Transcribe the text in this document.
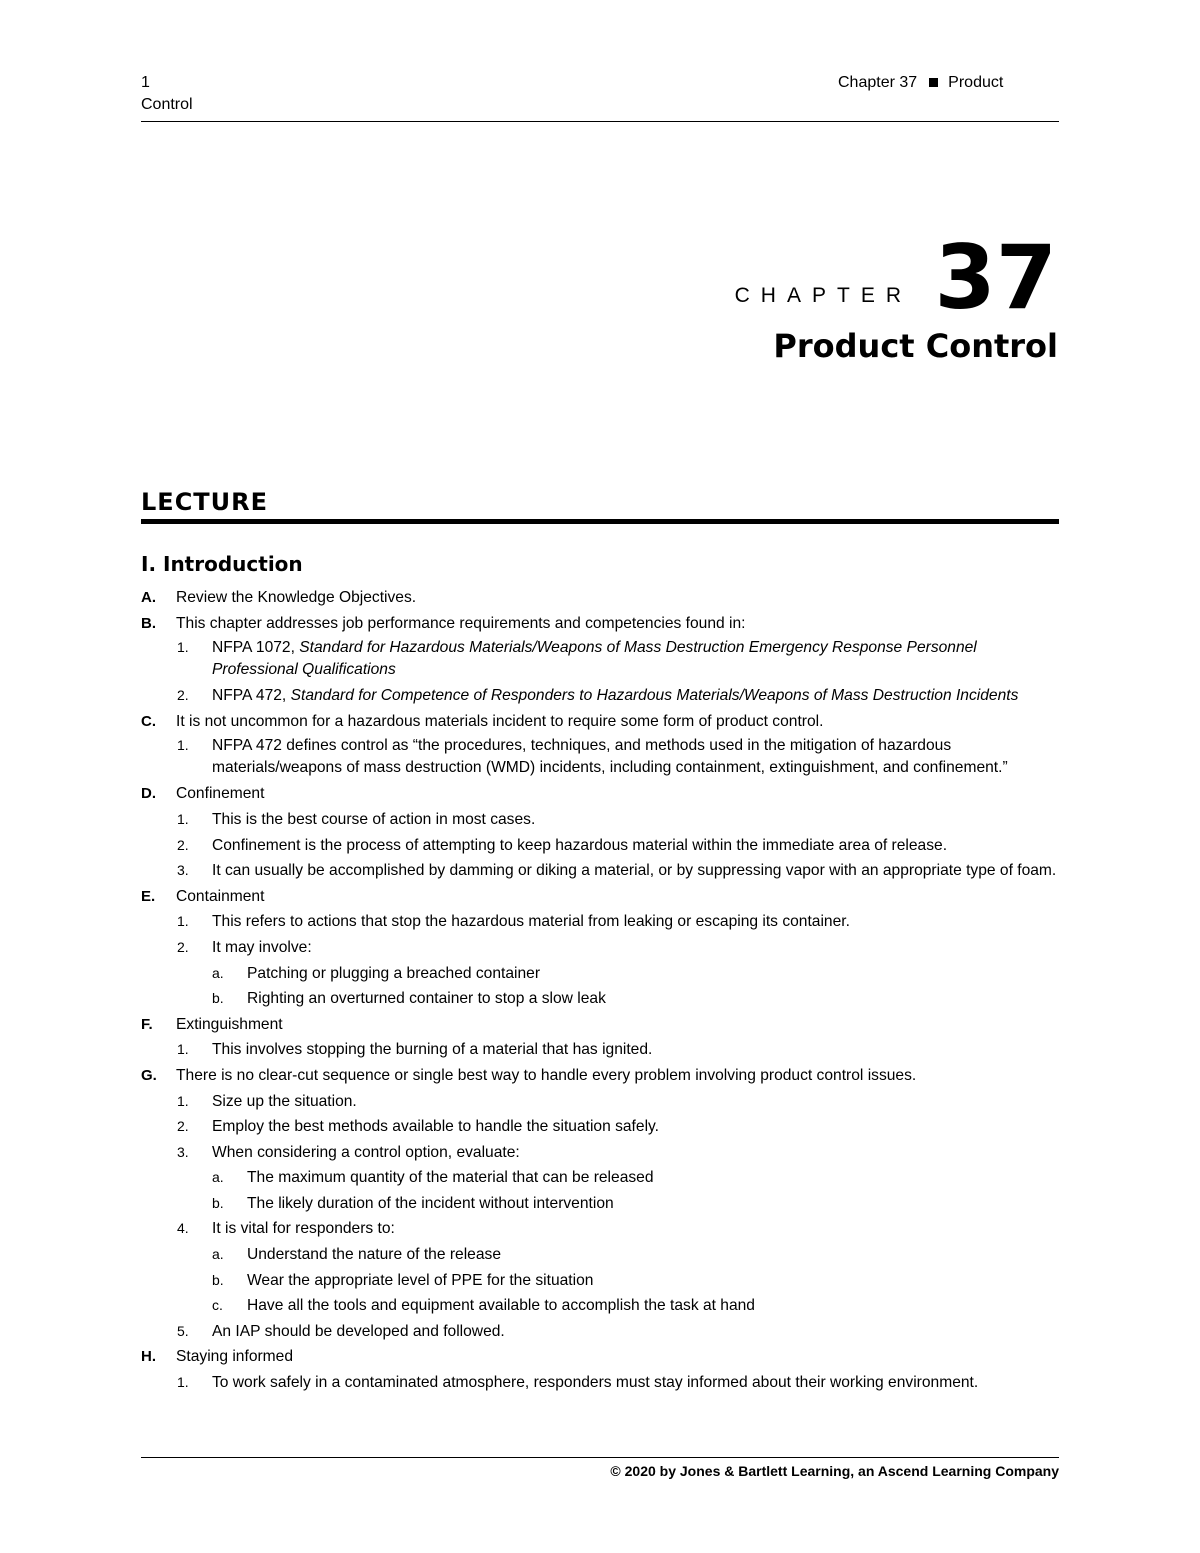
1
Control
Chapter 37 Product
CHAPTER 37
Product Control
LECTURE
I. Introduction
A. Review the Knowledge Objectives.
B. This chapter addresses job performance requirements and competencies found in:
1. NFPA 1072, Standard for Hazardous Materials/Weapons of Mass Destruction Emergency Response Personnel Professional Qualifications
2. NFPA 472, Standard for Competence of Responders to Hazardous Materials/Weapons of Mass Destruction Incidents
C. It is not uncommon for a hazardous materials incident to require some form of product control.
1. NFPA 472 defines control as “the procedures, techniques, and methods used in the mitigation of hazardous materials/weapons of mass destruction (WMD) incidents, including containment, extinguishment, and confinement.”
D. Confinement
1. This is the best course of action in most cases.
2. Confinement is the process of attempting to keep hazardous material within the immediate area of release.
3. It can usually be accomplished by damming or diking a material, or by suppressing vapor with an appropriate type of foam.
E. Containment
1. This refers to actions that stop the hazardous material from leaking or escaping its container.
2. It may involve:
a. Patching or plugging a breached container
b. Righting an overturned container to stop a slow leak
F. Extinguishment
1. This involves stopping the burning of a material that has ignited.
G. There is no clear-cut sequence or single best way to handle every problem involving product control issues.
1. Size up the situation.
2. Employ the best methods available to handle the situation safely.
3. When considering a control option, evaluate:
a. The maximum quantity of the material that can be released
b. The likely duration of the incident without intervention
4. It is vital for responders to:
a. Understand the nature of the release
b. Wear the appropriate level of PPE for the situation
c. Have all the tools and equipment available to accomplish the task at hand
5. An IAP should be developed and followed.
H. Staying informed
1. To work safely in a contaminated atmosphere, responders must stay informed about their working environment.
© 2020 by Jones & Bartlett Learning, an Ascend Learning Company
